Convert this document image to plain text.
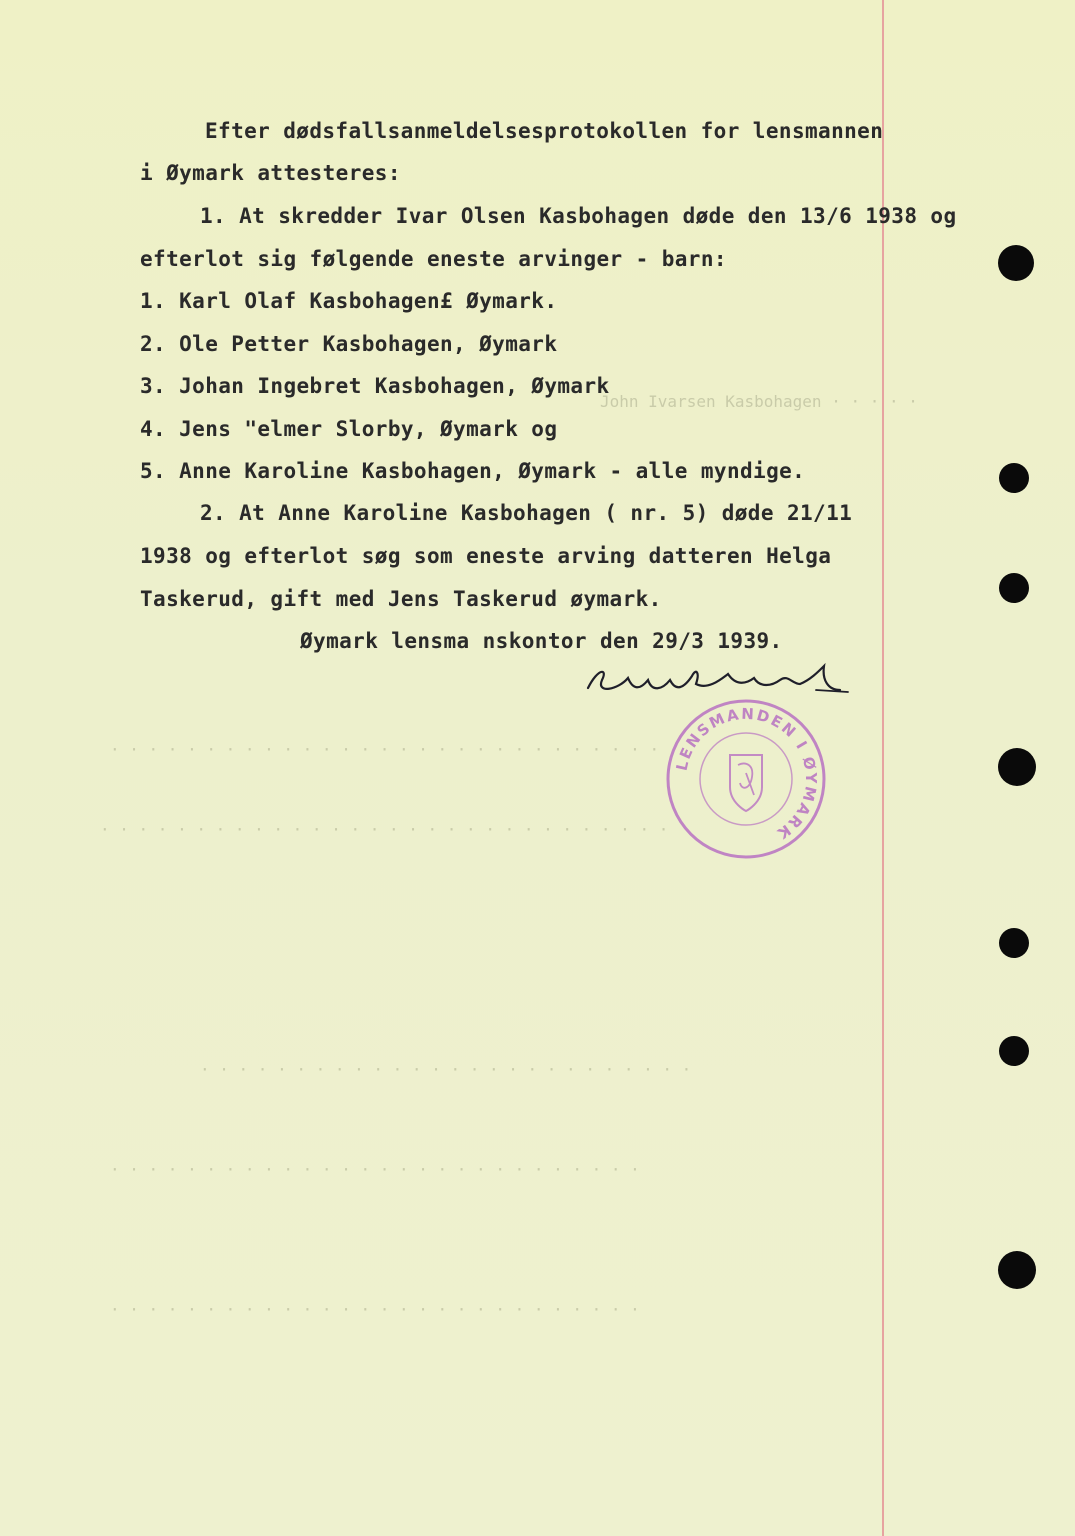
John Ivarsen Kasbohagen · · · · ·
· · · · · · · · · · · · · · · · · · · · · · · · · · · · ·
· · · · · · · · · · · · · · · · · · · · · · · · · · · · · ·
· · · · · · · · · · · · · · · · · · · · · · · · · ·
· · · · · · · · · · · · · · · · · · · · · · · · · · · ·
· · · · · · · · · · · · · · · · · · · · · · · · · · · ·
Efter dødsfallsanmeldelsesprotokollen for lensmannen
i Øymark attesteres:
1. At skredder Ivar Olsen Kasbohagen døde den 13/6 1938 og
efterlot sig følgende eneste arvinger - barn:
1. Karl Olaf Kasbohagen£ Øymark.
2. Ole Petter Kasbohagen, Øymark
3. Johan Ingebret Kasbohagen, Øymark
4. Jens "elmer Slorby, Øymark og
5. Anne Karoline Kasbohagen, Øymark - alle myndige.
2. At Anne Karoline Kasbohagen ( nr. 5) døde 21/11
1938 og efterlot søg som eneste arving datteren Helga
Taskerud, gift med Jens Taskerud øymark.
Øymark lensma nskontor den 29/3 1939.
LENSMANDEN I ØYMARK
